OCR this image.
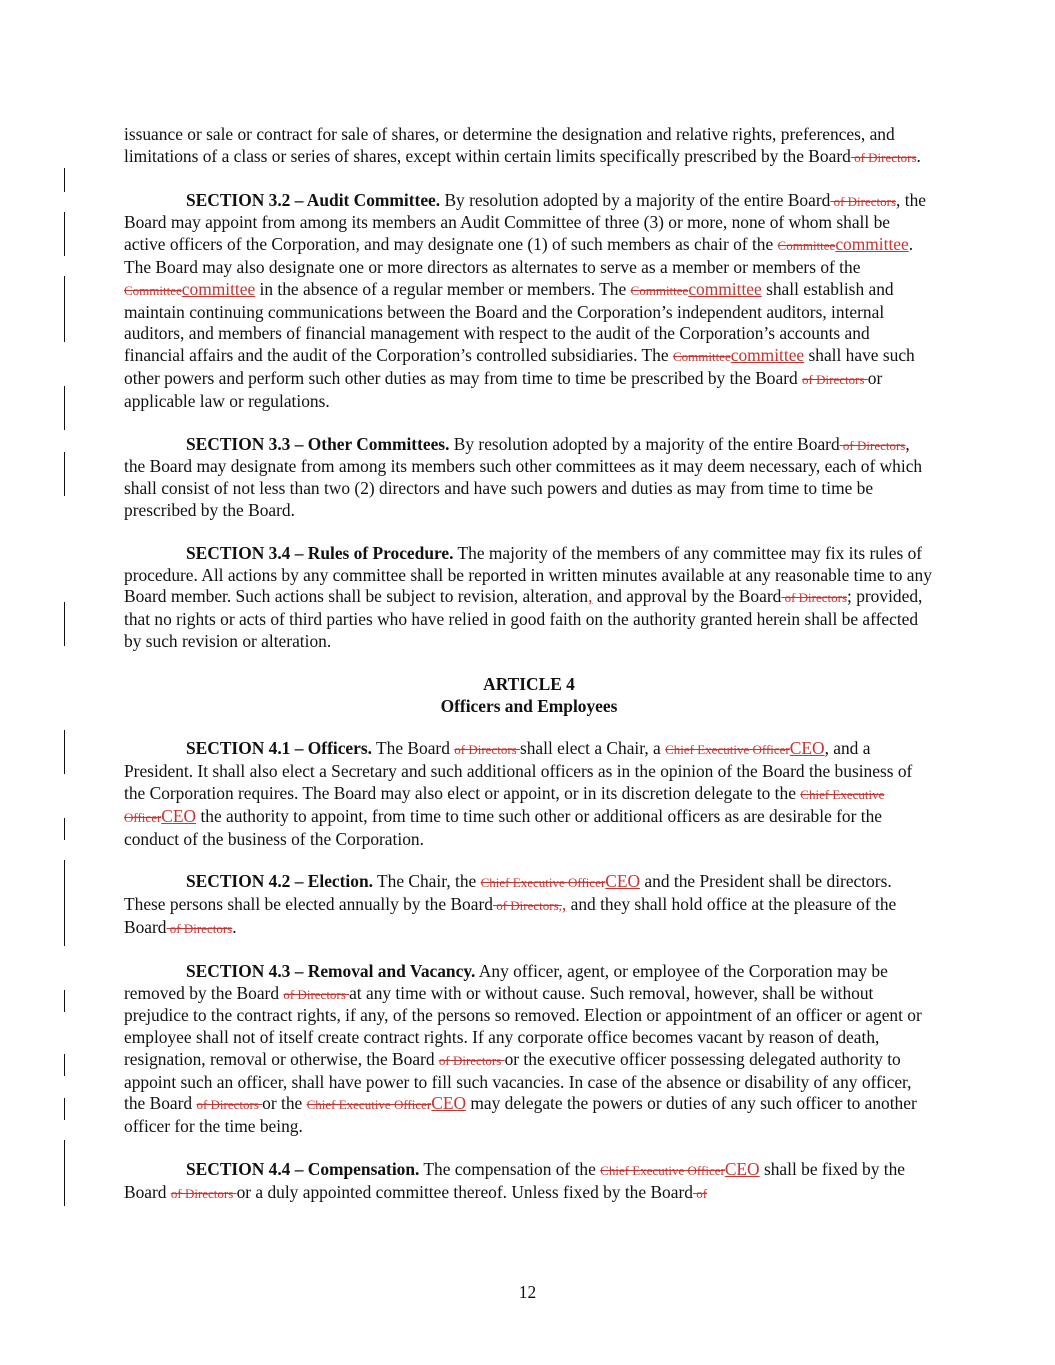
issuance or sale or contract for sale of shares, or determine the designation and relative rights, preferences, and limitations of a class or series of shares, except within certain limits specifically prescribed by the Board of Directors.

SECTION 3.2 – Audit Committee. By resolution adopted by a majority of the entire Board of Directors, the Board may appoint from among its members an Audit Committee of three (3) or more, none of whom shall be active officers of the Corporation, and may designate one (1) of such members as chair of the Committeecommittee. The Board may also designate one or more directors as alternates to serve as a member or members of the Committeecommittee in the absence of a regular member or members. The Committeecommittee shall establish and maintain continuing communications between the Board and the Corporation’s independent auditors, internal auditors, and members of financial management with respect to the audit of the Corporation’s accounts and financial affairs and the audit of the Corporation’s controlled subsidiaries. The Committeecommittee shall have such other powers and perform such other duties as may from time to time be prescribed by the Board of Directors or applicable law or regulations.

SECTION 3.3 – Other Committees. By resolution adopted by a majority of the entire Board of Directors, the Board may designate from among its members such other committees as it may deem necessary, each of which shall consist of not less than two (2) directors and have such powers and duties as may from time to time be prescribed by the Board.

SECTION 3.4 – Rules of Procedure. The majority of the members of any committee may fix its rules of procedure. All actions by any committee shall be reported in written minutes available at any reasonable time to any Board member. Such actions shall be subject to revision, alteration, and approval by the Board of Directors; provided, that no rights or acts of third parties who have relied in good faith on the authority granted herein shall be affected by such revision or alteration.

ARTICLE 4

Officers and Employees

SECTION 4.1 – Officers. The Board of Directors shall elect a Chair, a Chief Executive OfficerCEO, and a President. It shall also elect a Secretary and such additional officers as in the opinion of the Board the business of the Corporation requires. The Board may also elect or appoint, or in its discretion delegate to the Chief Executive OfficerCEO the authority to appoint, from time to time such other or additional officers as are desirable for the conduct of the business of the Corporation.

SECTION 4.2 – Election. The Chair, the Chief Executive OfficerCEO and the President shall be directors. These persons shall be elected annually by the Board of Directors,, and they shall hold office at the pleasure of the Board of Directors.

SECTION 4.3 – Removal and Vacancy. Any officer, agent, or employee of the Corporation may be removed by the Board of Directors at any time with or without cause. Such removal, however, shall be without prejudice to the contract rights, if any, of the persons so removed. Election or appointment of an officer or agent or employee shall not of itself create contract rights. If any corporate office becomes vacant by reason of death, resignation, removal or otherwise, the Board of Directors or the executive officer possessing delegated authority to appoint such an officer, shall have power to fill such vacancies. In case of the absence or disability of any officer, the Board of Directors or the Chief Executive OfficerCEO may delegate the powers or duties of any such officer to another officer for the time being.

SECTION 4.4 – Compensation. The compensation of the Chief Executive OfficerCEO shall be fixed by the Board of Directors or a duly appointed committee thereof. Unless fixed by the Board of

12
